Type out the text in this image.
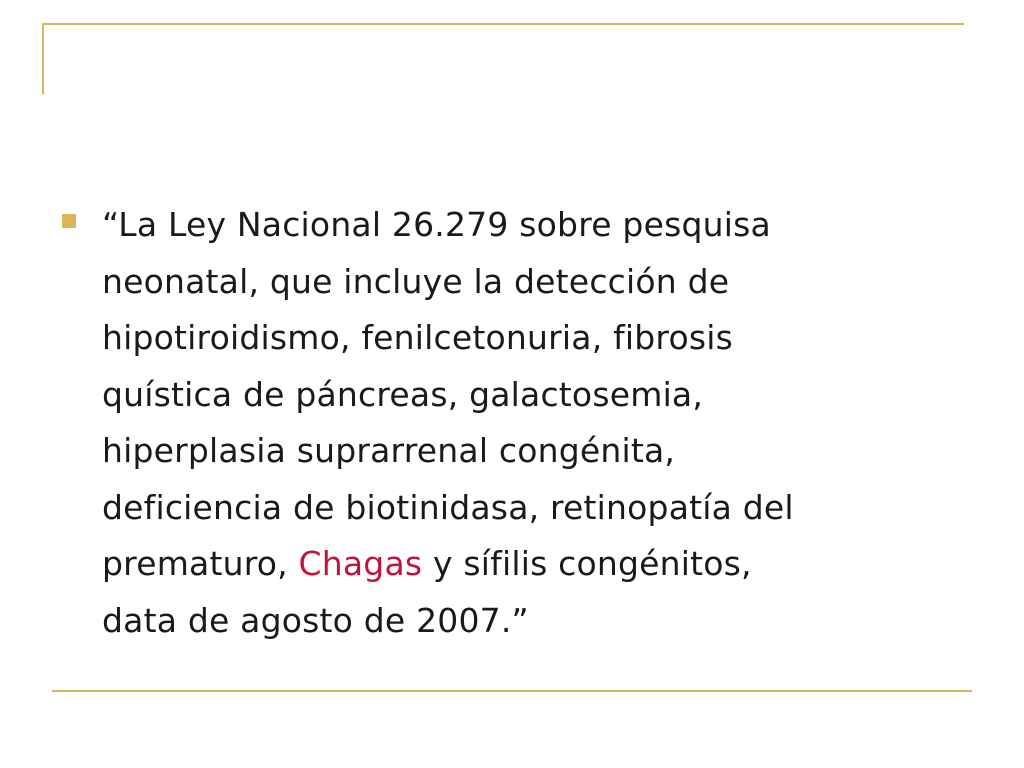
“La Ley Nacional 26.279 sobre pesquisa
neonatal, que incluye la detección de
hipotiroidismo, fenilcetonuria, fibrosis
quística de páncreas, galactosemia,
hiperplasia suprarrenal congénita,
deficiencia de biotinidasa, retinopatía del
prematuro, Chagas y sífilis congénitos,
data de agosto de 2007.”
